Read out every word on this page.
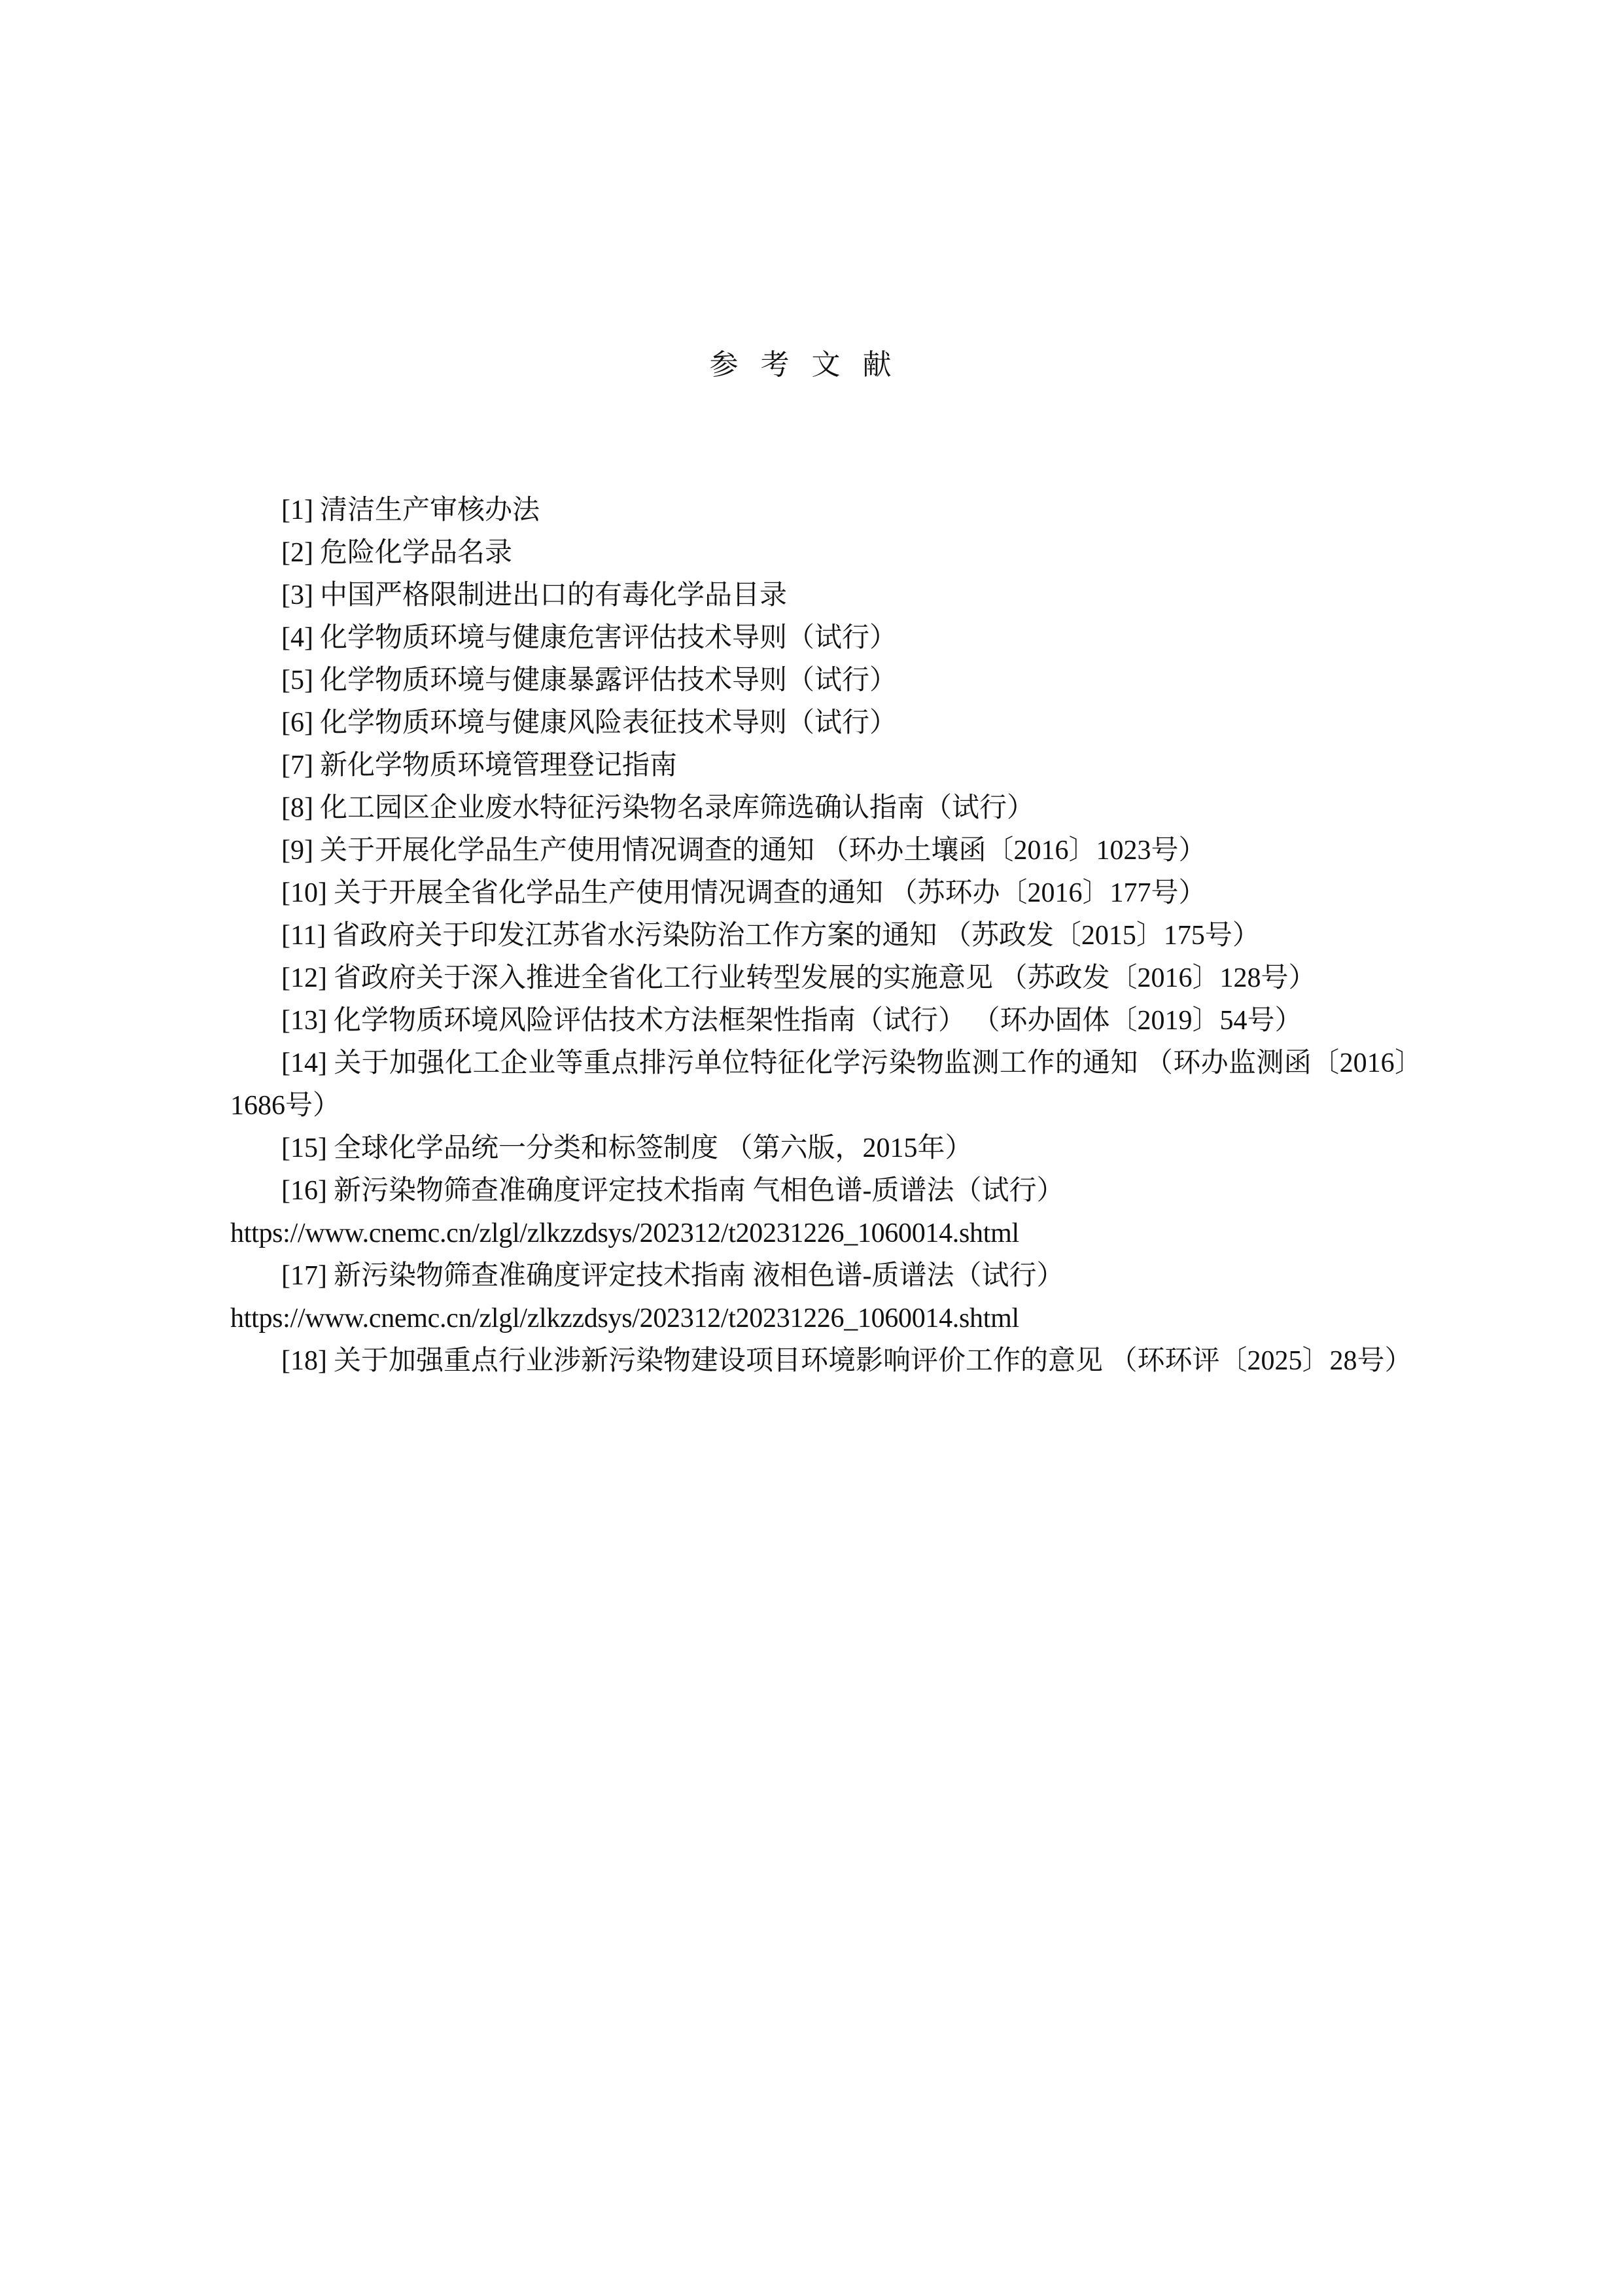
参考文献
[1] 清洁生产审核办法
[2] 危险化学品名录
[3] 中国严格限制进出口的有毒化学品目录
[4] 化学物质环境与健康危害评估技术导则（试行）
[5] 化学物质环境与健康暴露评估技术导则（试行）
[6] 化学物质环境与健康风险表征技术导则（试行）
[7] 新化学物质环境管理登记指南
[8] 化工园区企业废水特征污染物名录库筛选确认指南（试行）
[9] 关于开展化学品生产使用情况调查的通知 （环办土壤函〔2016〕1023号）
[10] 关于开展全省化学品生产使用情况调查的通知 （苏环办〔2016〕177号）
[11] 省政府关于印发江苏省水污染防治工作方案的通知 （苏政发〔2015〕175号）
[12] 省政府关于深入推进全省化工行业转型发展的实施意见 （苏政发〔2016〕128号）
[13] 化学物质环境风险评估技术方法框架性指南（试行） （环办固体〔2019〕54号）
[14] 关于加强化工企业等重点排污单位特征化学污染物监测工作的通知 （环办监测函〔2016〕1686号）
[15] 全球化学品统一分类和标签制度 （第六版，2015年）
[16] 新污染物筛查准确度评定技术指南 气相色谱-质谱法（试行）
https://www.cnemc.cn/zlgl/zlkzzdsys/202312/t20231226_1060014.shtml
[17] 新污染物筛查准确度评定技术指南 液相色谱-质谱法（试行）
https://www.cnemc.cn/zlgl/zlkzzdsys/202312/t20231226_1060014.shtml
[18] 关于加强重点行业涉新污染物建设项目环境影响评价工作的意见 （环环评〔2025〕28号）
